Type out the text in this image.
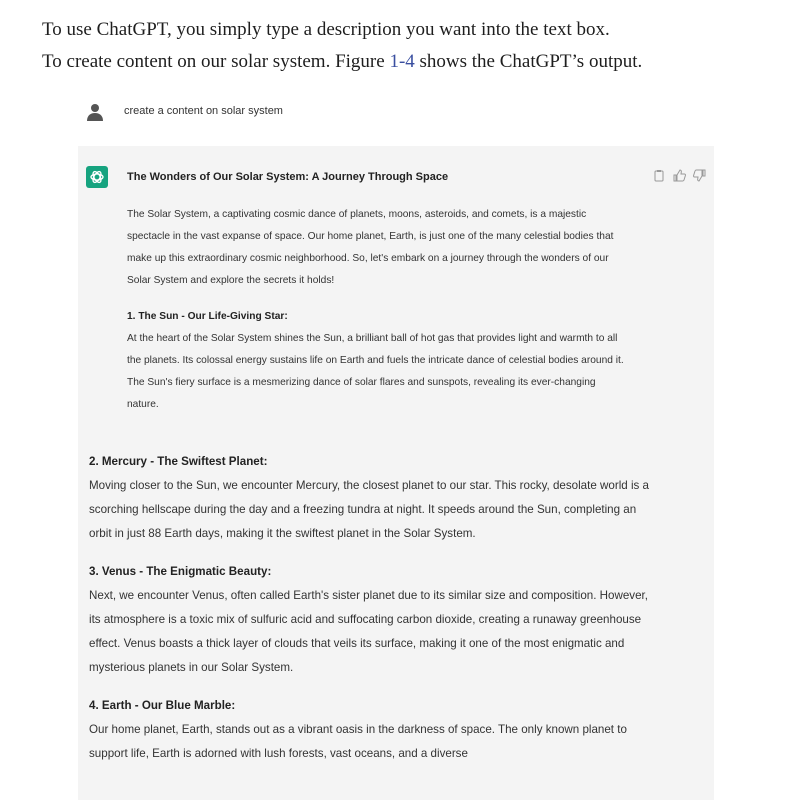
To use ChatGPT, you simply type a description you want into the text box.
To create content on our solar system. Figure 1-4 shows the ChatGPT’s output.
create a content on solar system
The Wonders of Our Solar System: A Journey Through Space

The Solar System, a captivating cosmic dance of planets, moons, asteroids, and comets, is a majestic spectacle in the vast expanse of space. Our home planet, Earth, is just one of the many celestial bodies that make up this extraordinary cosmic neighborhood. So, let's embark on a journey through the wonders of our Solar System and explore the secrets it holds!

1. The Sun - Our Life-Giving Star:

At the heart of the Solar System shines the Sun, a brilliant ball of hot gas that provides light and warmth to all the planets. Its colossal energy sustains life on Earth and fuels the intricate dance of celestial bodies around it. The Sun's fiery surface is a mesmerizing dance of solar flares and sunspots, revealing its ever-changing nature.

2. Mercury - The Swiftest Planet:

Moving closer to the Sun, we encounter Mercury, the closest planet to our star. This rocky, desolate world is a scorching hellscape during the day and a freezing tundra at night. It speeds around the Sun, completing an orbit in just 88 Earth days, making it the swiftest planet in the Solar System.

3. Venus - The Enigmatic Beauty:

Next, we encounter Venus, often called Earth's sister planet due to its similar size and composition. However, its atmosphere is a toxic mix of sulfuric acid and suffocating carbon dioxide, creating a runaway greenhouse effect. Venus boasts a thick layer of clouds that veils its surface, making it one of the most enigmatic and mysterious planets in our Solar System.

4. Earth - Our Blue Marble:

Our home planet, Earth, stands out as a vibrant oasis in the darkness of space. The only known planet to support life, Earth is adorned with lush forests, vast oceans, and a diverse
